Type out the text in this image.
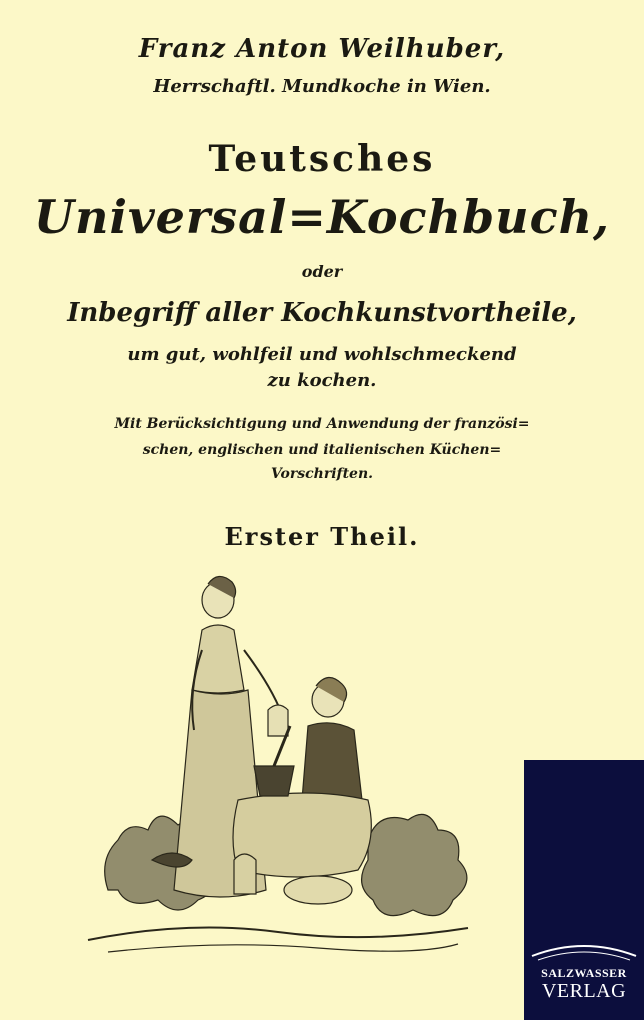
Franz Anton Weilhuber,
Herrschaftl. Mundkoche in Wien.
Teutsches
Universal=Kochbuch,
oder
Inbegriff aller Kochkunstvortheile,
um gut, wohlfeil und wohlschmeckend
zu kochen.
Mit Berücksichtigung und Anwendung der französi=
schen, englischen und italienischen Küchen=
Vorschriften.
Erster Theil.
SALZWASSER
VERLAG
